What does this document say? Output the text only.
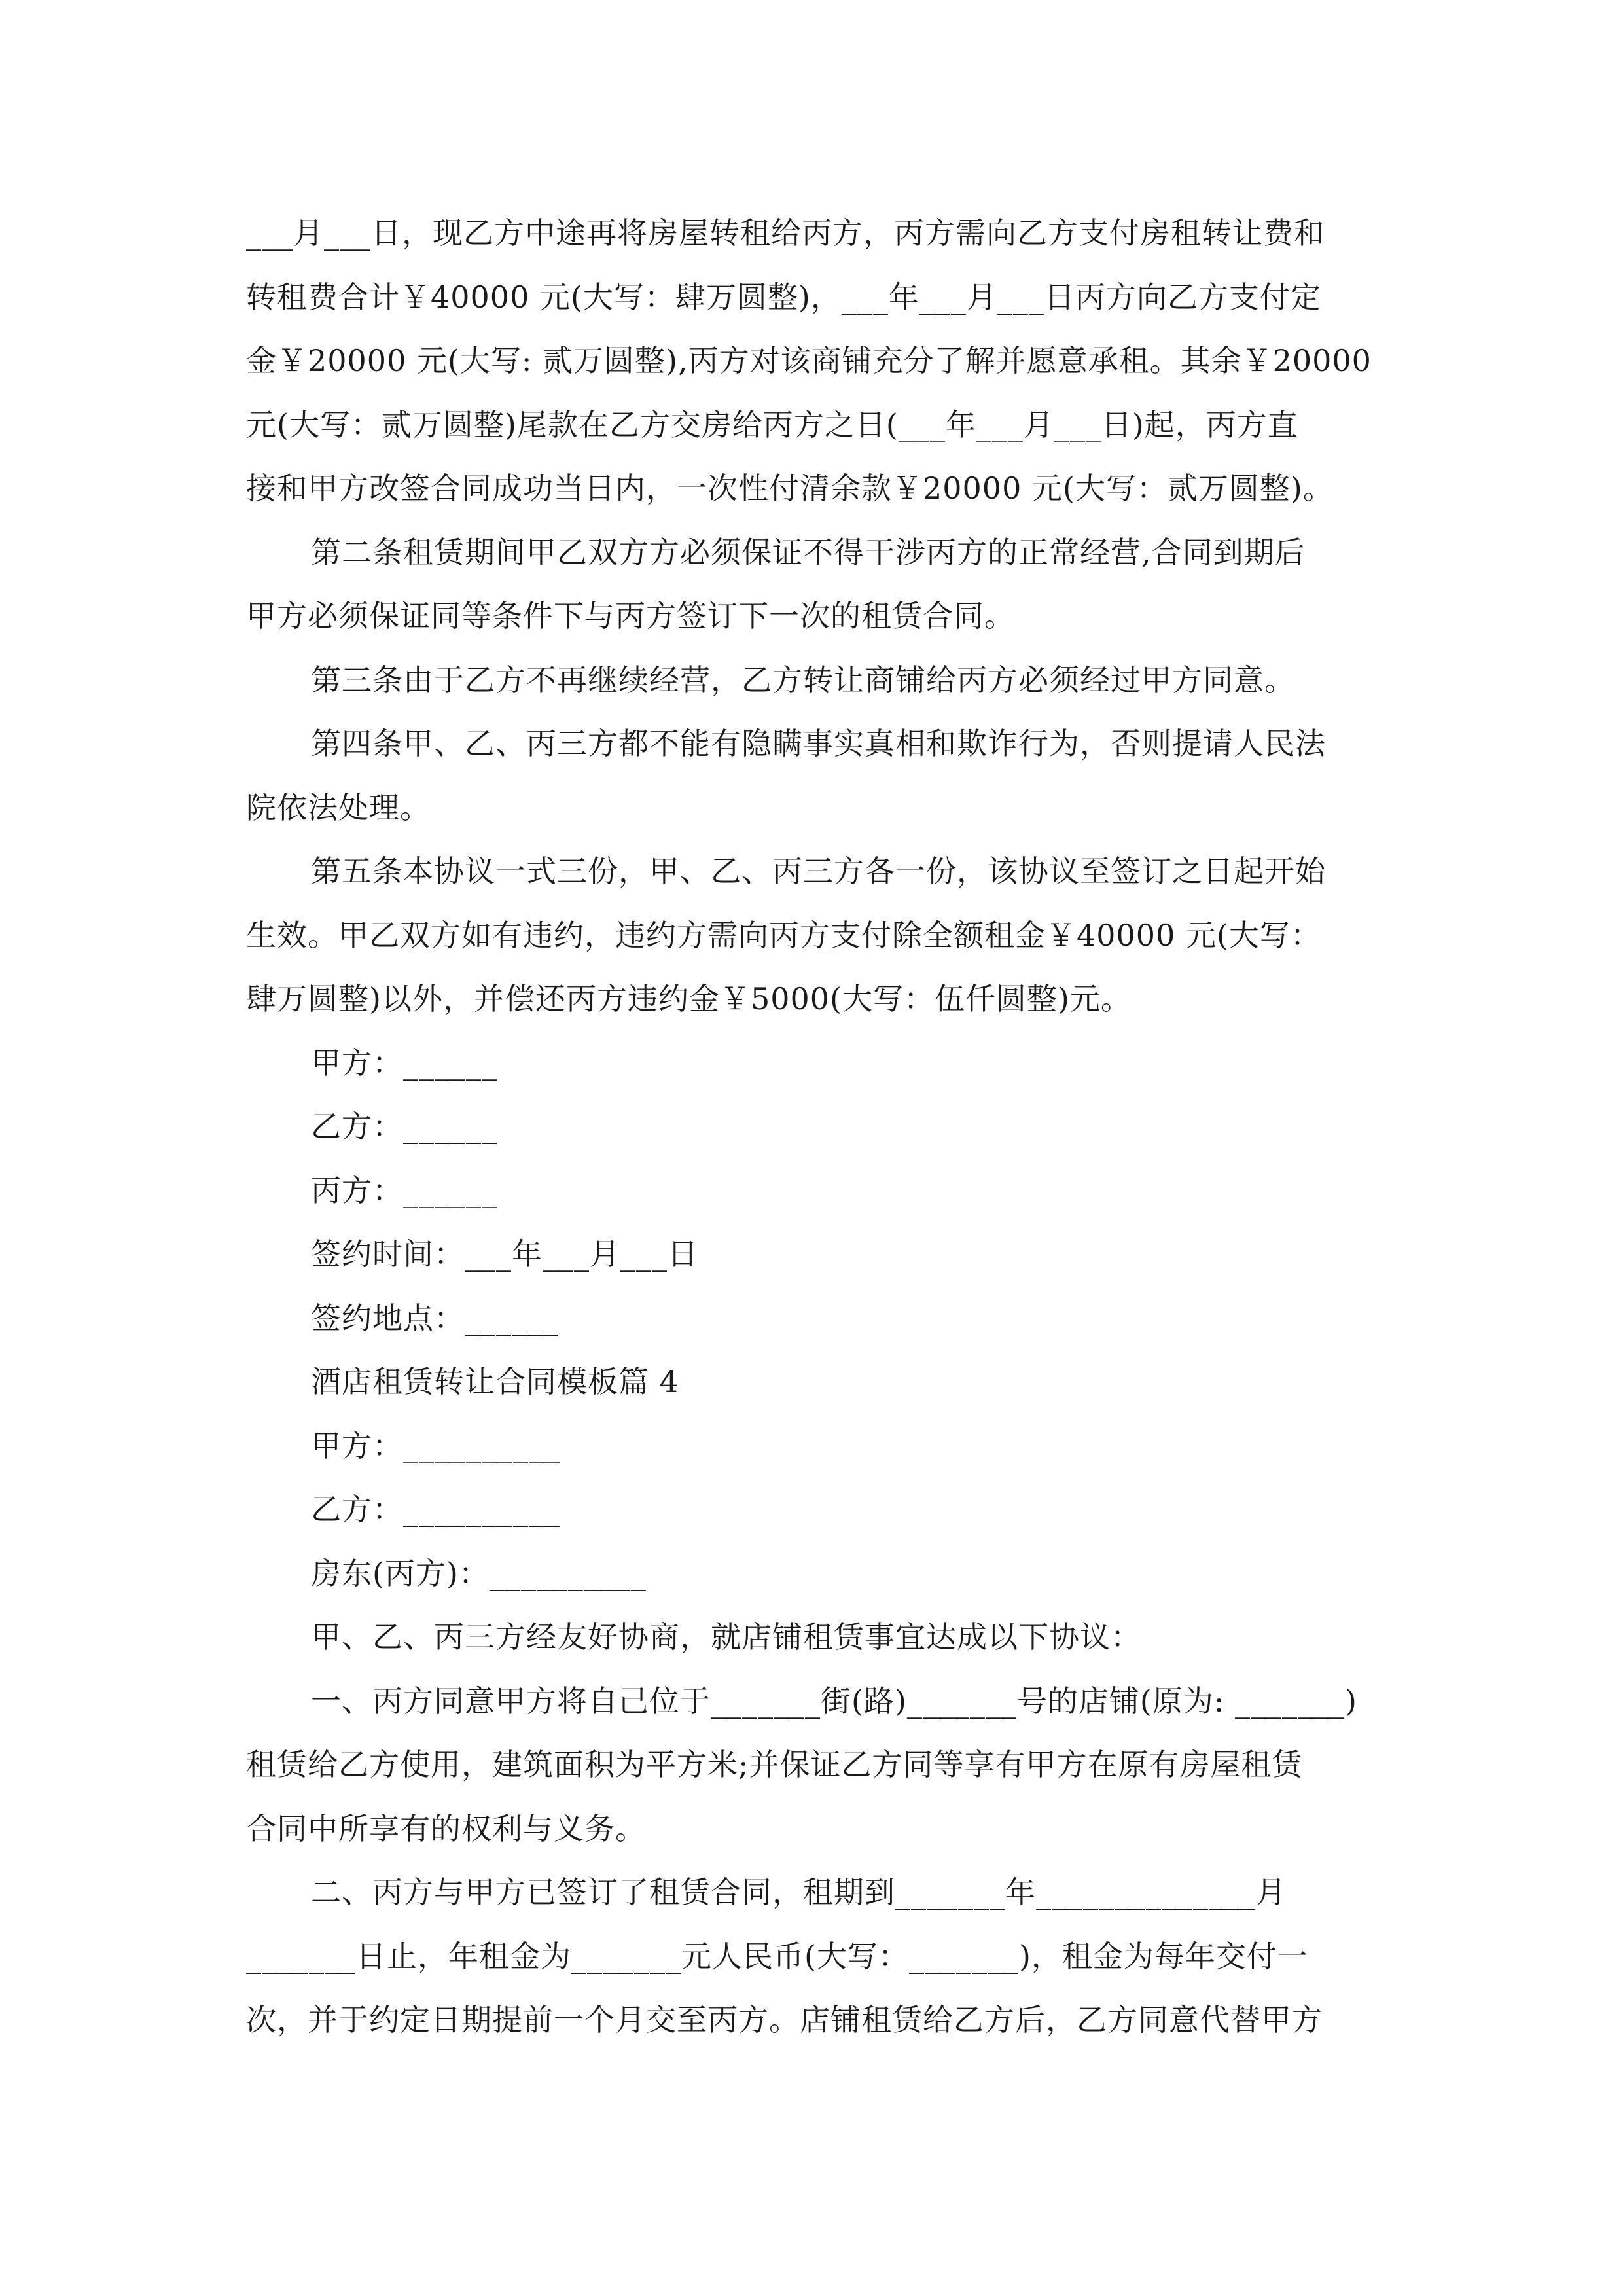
___月___日，现乙方中途再将房屋转租给丙方，丙方需向乙方支付房租转让费和
转租费合计￥40000 元(大写：肆万圆整)，___年___月___日丙方向乙方支付定
金￥20000 元(大写: 贰万圆整),丙方对该商铺充分了解并愿意承租。其余￥20000
元(大写：贰万圆整)尾款在乙方交房给丙方之日(___年___月___日)起，丙方直
接和甲方改签合同成功当日内，一次性付清余款￥20000 元(大写：贰万圆整)。
第二条租赁期间甲乙双方方必须保证不得干涉丙方的正常经营,合同到期后
甲方必须保证同等条件下与丙方签订下一次的租赁合同。
第三条由于乙方不再继续经营，乙方转让商铺给丙方必须经过甲方同意。
第四条甲、乙、丙三方都不能有隐瞒事实真相和欺诈行为，否则提请人民法
院依法处理。
第五条本协议一式三份，甲、乙、丙三方各一份，该协议至签订之日起开始
生效。甲乙双方如有违约，违约方需向丙方支付除全额租金￥40000 元(大写：
肆万圆整)以外，并偿还丙方违约金￥5000(大写：伍仟圆整)元。
甲方：______
乙方：______
丙方：______
签约时间：___年___月___日
签约地点：______
酒店租赁转让合同模板篇 4
甲方：__________
乙方：__________
房东(丙方)：__________
甲、乙、丙三方经友好协商，就店铺租赁事宜达成以下协议：
一、丙方同意甲方将自己位于_______街(路)_______号的店铺(原为: _______)
租赁给乙方使用，建筑面积为平方米;并保证乙方同等享有甲方在原有房屋租赁
合同中所享有的权利与义务。
二、丙方与甲方已签订了租赁合同，租期到_______年______________月
_______日止，年租金为_______元人民币(大写：_______)，租金为每年交付一
次，并于约定日期提前一个月交至丙方。店铺租赁给乙方后，乙方同意代替甲方
